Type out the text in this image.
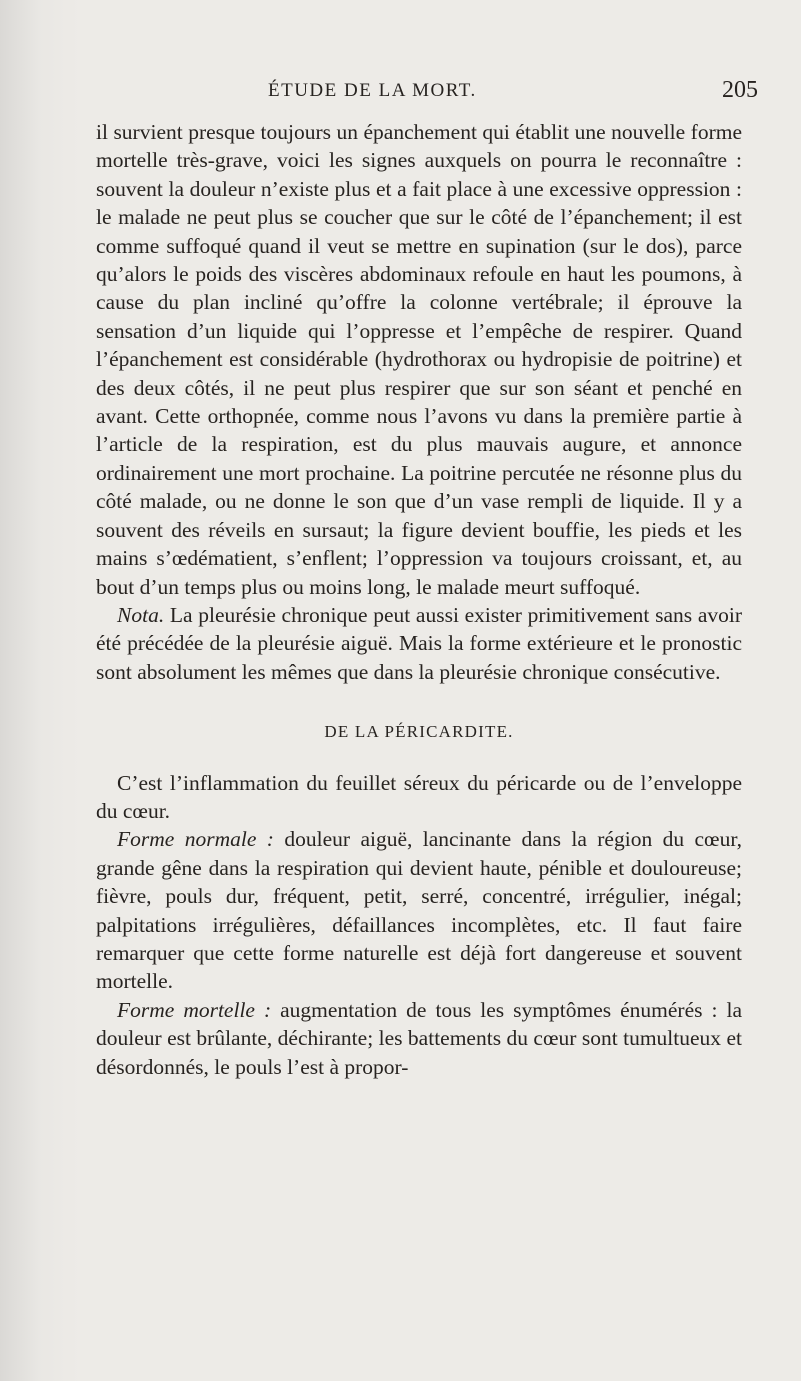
ÉTUDE DE LA MORT.	205

il survient presque toujours un épanchement qui établit une nouvelle forme mortelle très-grave, voici les signes auxquels on pourra le reconnaître : souvent la douleur n’existe plus et a fait place à une excessive oppression : le malade ne peut plus se coucher que sur le côté de l’épanchement; il est comme suffoqué quand il veut se mettre en supination (sur le dos), parce qu’alors le poids des viscères abdominaux refoule en haut les poumons, à cause du plan incliné qu’offre la colonne vertébrale; il éprouve la sensation d’un liquide qui l’oppresse et l’empêche de respirer. Quand l’épanchement est considérable (hydrothorax ou hydropisie de poitrine) et des deux côtés, il ne peut plus respirer que sur son séant et penché en avant. Cette orthopnée, comme nous l’avons vu dans la première partie à l’article de la respiration, est du plus mauvais augure, et annonce ordinairement une mort prochaine. La poitrine percutée ne résonne plus du côté malade, ou ne donne le son que d’un vase rempli de liquide. Il y a souvent des réveils en sursaut; la figure devient bouffie, les pieds et les mains s’œdématient, s’enflent; l’oppression va toujours croissant, et, au bout d’un temps plus ou moins long, le malade meurt suffoqué.

Nota. La pleurésie chronique peut aussi exister primitivement sans avoir été précédée de la pleurésie aiguë. Mais la forme extérieure et le pronostic sont absolument les mêmes que dans la pleurésie chronique consécutive.

DE LA PÉRICARDITE.

C’est l’inflammation du feuillet séreux du péricarde ou de l’enveloppe du cœur.

Forme normale : douleur aiguë, lancinante dans la région du cœur, grande gêne dans la respiration qui devient haute, pénible et douloureuse; fièvre, pouls dur, fréquent, petit, serré, concentré, irrégulier, inégal; palpitations irrégulières, défaillances incomplètes, etc. Il faut faire remarquer que cette forme naturelle est déjà fort dangereuse et souvent mortelle.

Forme mortelle : augmentation de tous les symptômes énumérés : la douleur est brûlante, déchirante; les battements du cœur sont tumultueux et désordonnés, le pouls l’est à propor-
